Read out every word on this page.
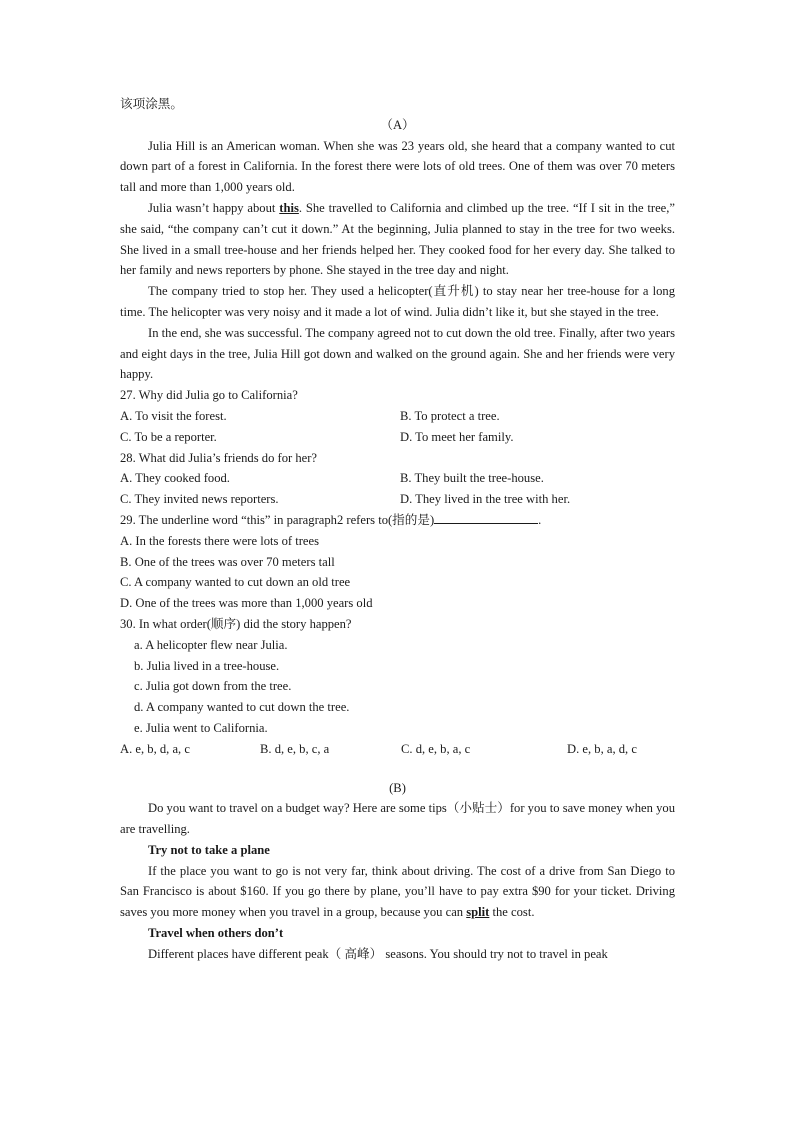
该项涂黑。

（A）

Julia Hill is an American woman. When she was 23 years old, she heard that a company wanted to cut down part of a forest in California. In the forest there were lots of old trees. One of them was over 70 meters tall and more than 1,000 years old.

Julia wasn’t happy about this. She travelled to California and climbed up the tree. “If I sit in the tree,” she said, “the company can’t cut it down.” At the beginning, Julia planned to stay in the tree for two weeks. She lived in a small tree-house and her friends helped her. They cooked food for her every day. She talked to her family and news reporters by phone. She stayed in the tree day and night.

The company tried to stop her. They used a helicopter(直升机) to stay near her tree-house for a long time. The helicopter was very noisy and it made a lot of wind. Julia didn’t like it, but she stayed in the tree.

In the end, she was successful. The company agreed not to cut down the old tree. Finally, after two years and eight days in the tree, Julia Hill got down and walked on the ground again. She and her friends were very happy.

27. Why did Julia go to California?

A. To visit the forest.	B. To protect a tree.
C. To be a reporter.	D. To meet her family.

28. What did Julia’s friends do for her?

A. They cooked food.	B. They built the tree-house.
C. They invited news reporters.	D. They lived in the tree with her.

29. The underline word “this” in paragraph2 refers to(指的是)	.

A. In the forests there were lots of trees

B. One of the trees was over 70 meters tall

C. A company wanted to cut down an old tree

D. One of the trees was more than 1,000 years old

30. In what order(顺序) did the story happen?

a. A helicopter flew near Julia.

b. Julia lived in a tree-house.

c. Julia got down from the tree.

d. A company wanted to cut down the tree.

e. Julia went to California.

A. e, b, d, a, c	B. d, e, b, c, a	C. d, e, b, a, c	D. e, b, a, d, c

(B)

Do you want to travel on a budget way? Here are some tips（小贴士）for you to save money when you are travelling.

Try not to take a plane

If the place you want to go is not very far, think about driving. The cost of a drive from San Diego to San Francisco is about $160. If you go there by plane, you’ll have to pay extra $90 for your ticket. Driving saves you more money when you travel in a group, because you can split the cost.

Travel when others don’t

Different places have different peak（ 高峰） seasons. You should try not to travel in peak
